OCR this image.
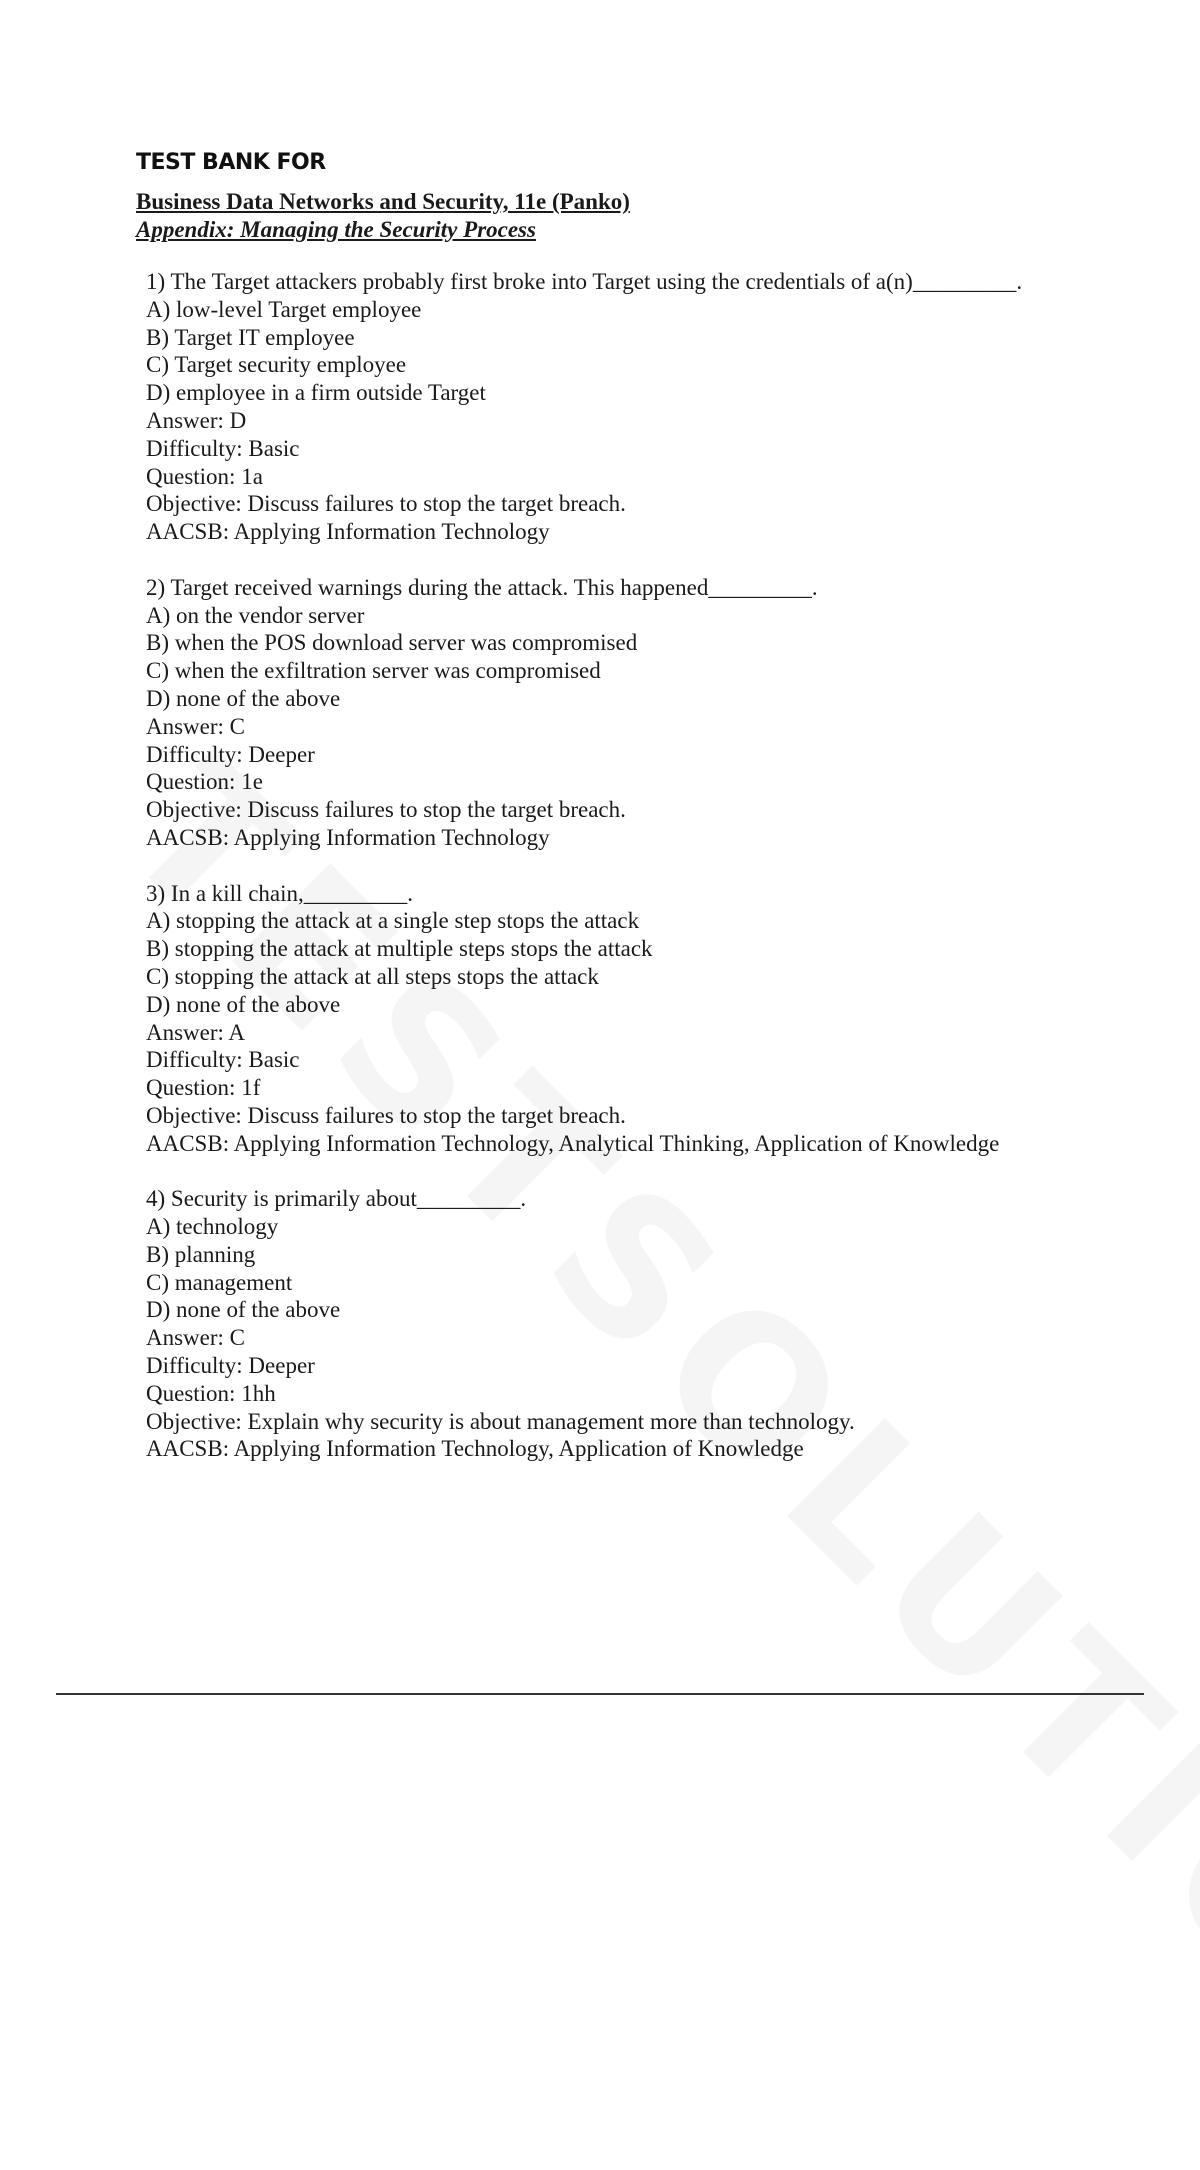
TEST BANK FOR
Business Data Networks and Security, 11e (Panko)
Appendix: Managing the Security Process
1) The Target attackers probably first broke into Target using the credentials of a(n)_________.
A) low-level Target employee
B) Target IT employee
C) Target security employee
D) employee in a firm outside Target
Answer: D
Difficulty: Basic
Question: 1a
Objective: Discuss failures to stop the target breach.
AACSB: Applying Information Technology
2) Target received warnings during the attack. This happened_________.
A) on the vendor server
B) when the POS download server was compromised
C) when the exfiltration server was compromised
D) none of the above
Answer: C
Difficulty: Deeper
Question: 1e
Objective: Discuss failures to stop the target breach.
AACSB: Applying Information Technology
3) In a kill chain,_________.
A) stopping the attack at a single step stops the attack
B) stopping the attack at multiple steps stops the attack
C) stopping the attack at all steps stops the attack
D) none of the above
Answer: A
Difficulty: Basic
Question: 1f
Objective: Discuss failures to stop the target breach.
AACSB: Applying Information Technology, Analytical Thinking, Application of Knowledge
4) Security is primarily about_________.
A) technology
B) planning
C) management
D) none of the above
Answer: C
Difficulty: Deeper
Question: 1hh
Objective: Explain why security is about management more than technology.
AACSB: Applying Information Technology, Application of Knowledge
